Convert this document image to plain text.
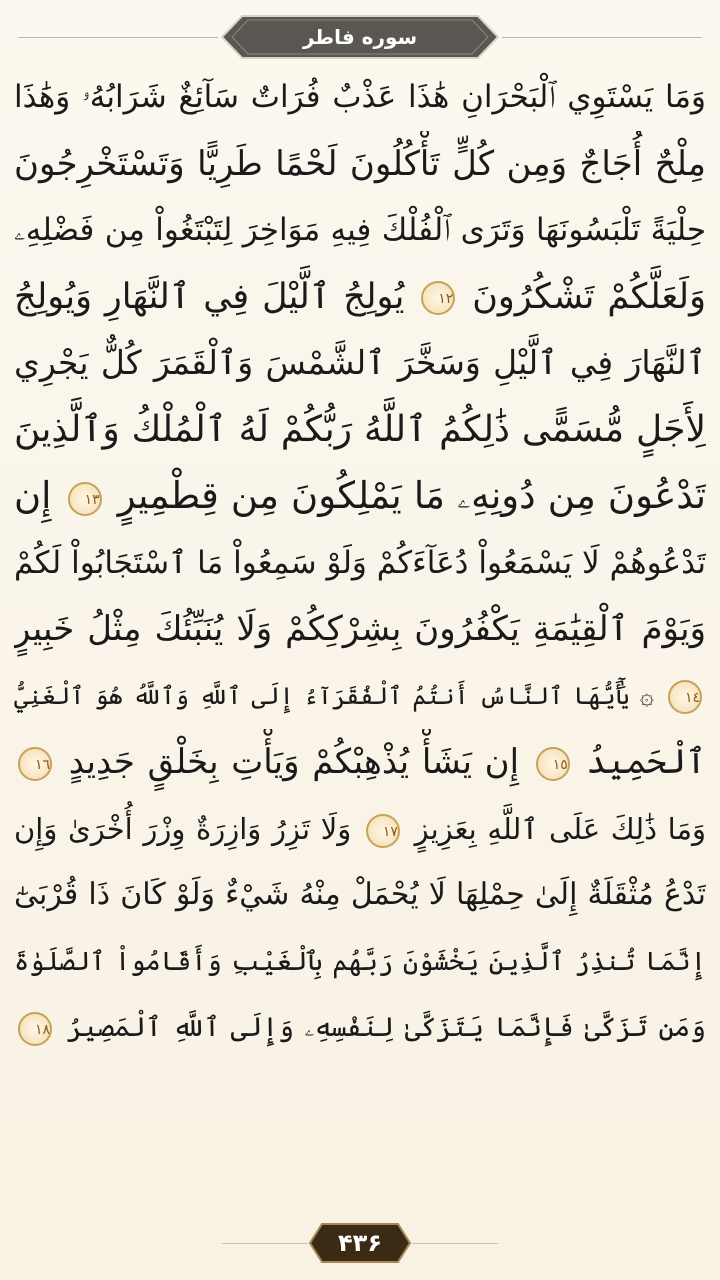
سوره فاطر
وَمَا يَسْتَوِي ٱلْبَحْرَانِ هَٰذَا عَذْبٌ فُرَاتٌ سَآئِغٌ شَرَابُهُۥ وَهَٰذَا
مِلْحٌ أُجَاجٌ وَمِن كُلٍّ تَأْكُلُونَ لَحْمًا طَرِيًّا وَتَسْتَخْرِجُونَ
حِلْيَةً تَلْبَسُونَهَا وَتَرَى ٱلْفُلْكَ فِيهِ مَوَاخِرَ لِتَبْتَغُواْ مِن فَضْلِهِۦ
وَلَعَلَّكُمْ تَشْكُرُونَ ١٢ يُولِجُ ٱلَّيْلَ فِي ٱلنَّهَارِ وَيُولِجُ
ٱلنَّهَارَ فِي ٱلَّيْلِ وَسَخَّرَ ٱلشَّمْسَ وَٱلْقَمَرَ كُلٌّ يَجْرِي
لِأَجَلٍ مُّسَمًّى ذَٰلِكُمُ ٱللَّهُ رَبُّكُمْ لَهُ ٱلْمُلْكُ وَٱلَّذِينَ
تَدْعُونَ مِن دُونِهِۦ مَا يَمْلِكُونَ مِن قِطْمِيرٍ ١٣ إِن
تَدْعُوهُمْ لَا يَسْمَعُواْ دُعَآءَكُمْ وَلَوْ سَمِعُواْ مَا ٱسْتَجَابُواْ لَكُمْ
وَيَوْمَ ٱلْقِيَٰمَةِ يَكْفُرُونَ بِشِرْكِكُمْ وَلَا يُنَبِّئُكَ مِثْلُ خَبِيرٍ
١٤ ۞ يَٰٓأَيُّهَا ٱلنَّاسُ أَنتُمُ ٱلْفُقَرَآءُ إِلَى ٱللَّهِ وَٱللَّهُ هُوَ ٱلْغَنِيُّ
ٱلْحَمِيدُ ١٥ إِن يَشَأْ يُذْهِبْكُمْ وَيَأْتِ بِخَلْقٍ جَدِيدٍ ١٦
وَمَا ذَٰلِكَ عَلَى ٱللَّهِ بِعَزِيزٍ ١٧ وَلَا تَزِرُ وَازِرَةٌ وِزْرَ أُخْرَىٰ وَإِن
تَدْعُ مُثْقَلَةٌ إِلَىٰ حِمْلِهَا لَا يُحْمَلْ مِنْهُ شَيْءٌ وَلَوْ كَانَ ذَا قُرْبَىٰٓ
إِنَّمَا تُنذِرُ ٱلَّذِينَ يَخْشَوْنَ رَبَّهُم بِٱلْغَيْبِ وَأَقَامُواْ ٱلصَّلَوٰةَ
وَمَن تَزَكَّىٰ فَإِنَّمَا يَتَزَكَّىٰ لِنَفْسِهِۦ وَإِلَى ٱللَّهِ ٱلْمَصِيرُ ١٨
۴۳۶
